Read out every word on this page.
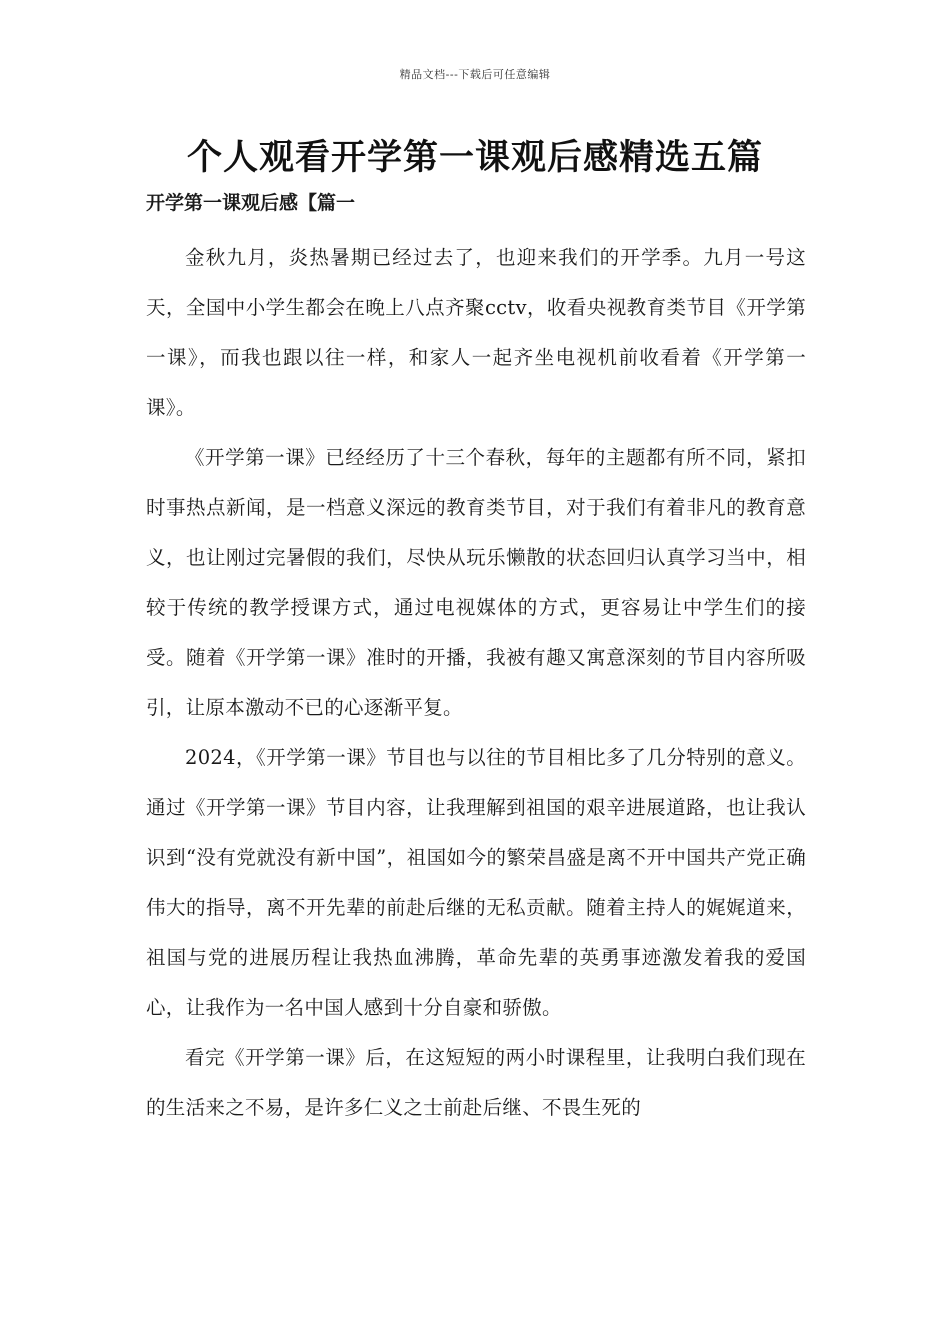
精品文档---下载后可任意编辑
个人观看开学第一课观后感精选五篇
开学第一课观后感【篇一

金秋九月，炎热暑期已经过去了，也迎来我们的开学季。九月一号这天，全国中小学生都会在晚上八点齐聚cctv，收看央视教育类节目《开学第一课》，而我也跟以往一样，和家人一起齐坐电视机前收看着《开学第一课》。

《开学第一课》已经经历了十三个春秋，每年的主题都有所不同，紧扣时事热点新闻，是一档意义深远的教育类节目，对于我们有着非凡的教育意义，也让刚过完暑假的我们，尽快从玩乐懒散的状态回归认真学习当中，相较于传统的教学授课方式，通过电视媒体的方式，更容易让中学生们的接受。随着《开学第一课》准时的开播，我被有趣又寓意深刻的节目内容所吸引，让原本激动不已的心逐渐平复。

2024，《开学第一课》节目也与以往的节目相比多了几分特别的意义。通过《开学第一课》节目内容，让我理解到祖国的艰辛进展道路，也让我认识到“没有党就没有新中国”，祖国如今的繁荣昌盛是离不开中国共产党正确伟大的指导，离不开先辈的前赴后继的无私贡献。随着主持人的娓娓道来，祖国与党的进展历程让我热血沸腾，革命先辈的英勇事迹激发着我的爱国心，让我作为一名中国人感到十分自豪和骄傲。

看完《开学第一课》后，在这短短的两小时课程里，让我明白我们现在的生活来之不易，是许多仁义之士前赴后继、不畏生死的
